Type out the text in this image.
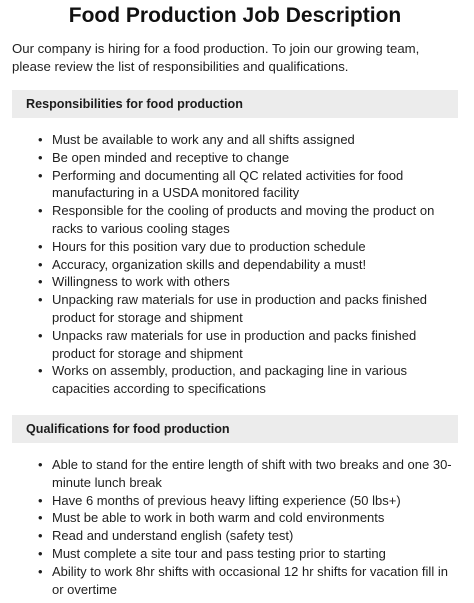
Food Production Job Description

Our company is hiring for a food production. To join our growing team, please review the list of responsibilities and qualifications.

Responsibilities for food production
• Must be available to work any and all shifts assigned
• Be open minded and receptive to change
• Performing and documenting all QC related activities for food manufacturing in a USDA monitored facility
• Responsible for the cooling of products and moving the product on racks to various cooling stages
• Hours for this position vary due to production schedule
• Accuracy, organization skills and dependability a must!
• Willingness to work with others
• Unpacking raw materials for use in production and packs finished product for storage and shipment
• Unpacks raw materials for use in production and packs finished product for storage and shipment
• Works on assembly, production, and packaging line in various capacities according to specifications
Qualifications for food production
• Able to stand for the entire length of shift with two breaks and one 30-minute lunch break
• Have 6 months of previous heavy lifting experience (50 lbs+)
• Must be able to work in both warm and cold environments
• Read and understand english (safety test)
• Must complete a site tour and pass testing prior to starting
• Ability to work 8hr shifts with occasional 12 hr shifts for vacation fill in or overtime
